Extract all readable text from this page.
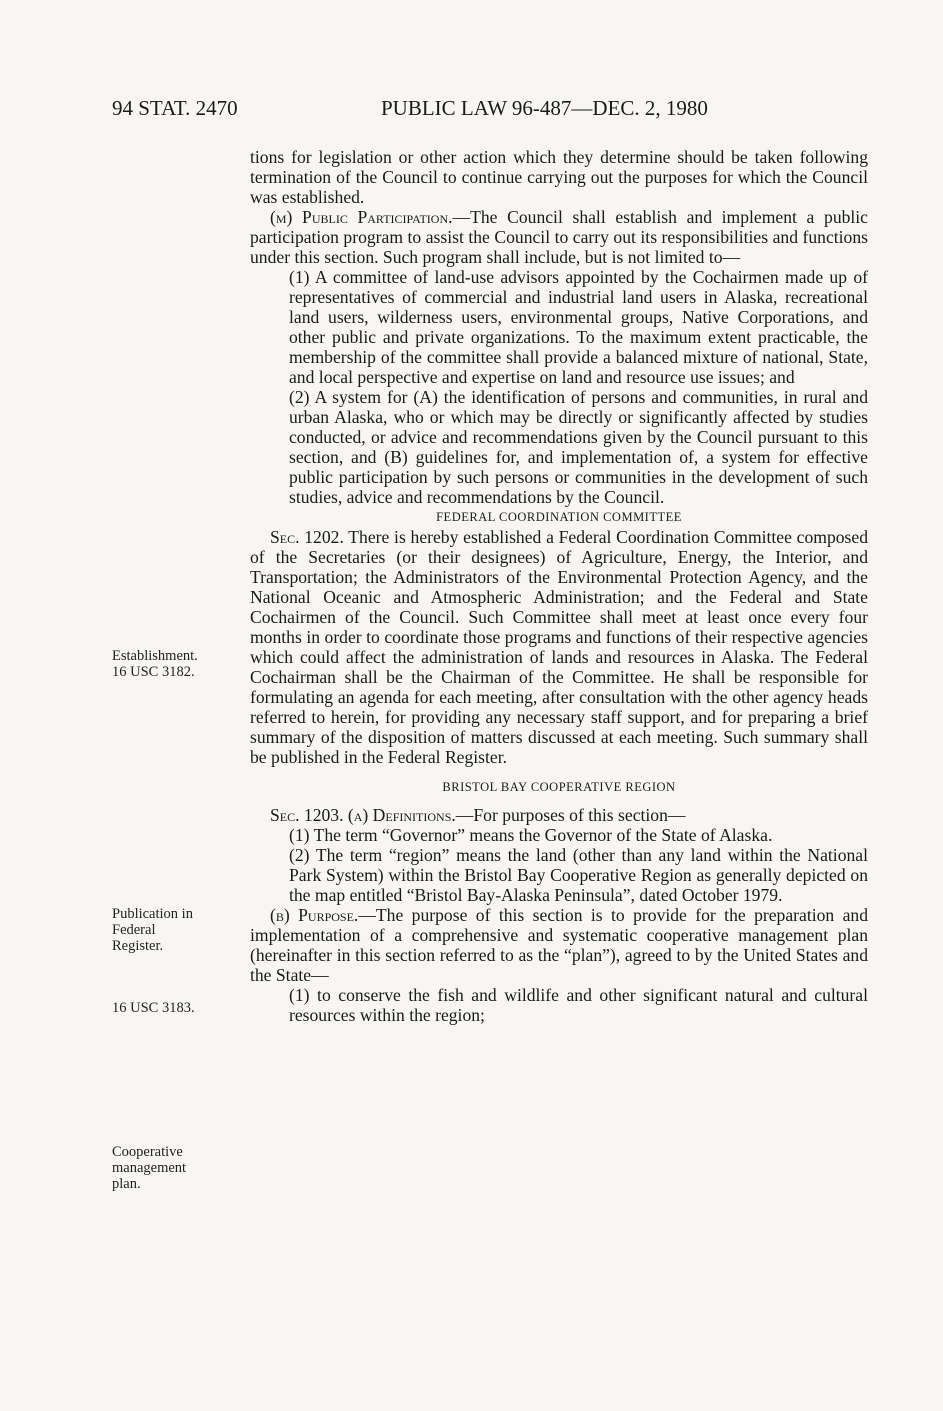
94 STAT. 2470	PUBLIC LAW 96-487—DEC. 2, 1980
Establishment.
16 USC 3182.
Publication in
Federal
Register.
16 USC 3183.
Cooperative
management
plan.

tions for legislation or other action which they determine should be taken following termination of the Council to continue carrying out the purposes for which the Council was established.

(m) Public Participation.—The Council shall establish and implement a public participation program to assist the Council to carry out its responsibilities and functions under this section. Such program shall include, but is not limited to—

(1) A committee of land-use advisors appointed by the Cochairmen made up of representatives of commercial and industrial land users in Alaska, recreational land users, wilderness users, environmental groups, Native Corporations, and other public and private organizations. To the maximum extent practicable, the membership of the committee shall provide a balanced mixture of national, State, and local perspective and expertise on land and resource use issues; and

(2) A system for (A) the identification of persons and communities, in rural and urban Alaska, who or which may be directly or significantly affected by studies conducted, or advice and recommendations given by the Council pursuant to this section, and (B) guidelines for, and implementation of, a system for effective public participation by such persons or communities in the development of such studies, advice and recommendations by the Council.

FEDERAL COORDINATION COMMITTEE

Sec. 1202. There is hereby established a Federal Coordination Committee composed of the Secretaries (or their designees) of Agriculture, Energy, the Interior, and Transportation; the Administrators of the Environmental Protection Agency, and the National Oceanic and Atmospheric Administration; and the Federal and State Cochairmen of the Council. Such Committee shall meet at least once every four months in order to coordinate those programs and functions of their respective agencies which could affect the administration of lands and resources in Alaska. The Federal Cochairman shall be the Chairman of the Committee. He shall be responsible for formulating an agenda for each meeting, after consultation with the other agency heads referred to herein, for providing any necessary staff support, and for preparing a brief summary of the disposition of matters discussed at each meeting. Such summary shall be published in the Federal Register.

BRISTOL BAY COOPERATIVE REGION

Sec. 1203. (a) Definitions.—For purposes of this section—

(1) The term “Governor” means the Governor of the State of Alaska.

(2) The term “region” means the land (other than any land within the National Park System) within the Bristol Bay Cooperative Region as generally depicted on the map entitled “Bristol Bay-Alaska Peninsula”, dated October 1979.

(b) Purpose.—The purpose of this section is to provide for the preparation and implementation of a comprehensive and systematic cooperative management plan (hereinafter in this section referred to as the “plan”), agreed to by the United States and the State—

(1) to conserve the fish and wildlife and other significant natural and cultural resources within the region;
